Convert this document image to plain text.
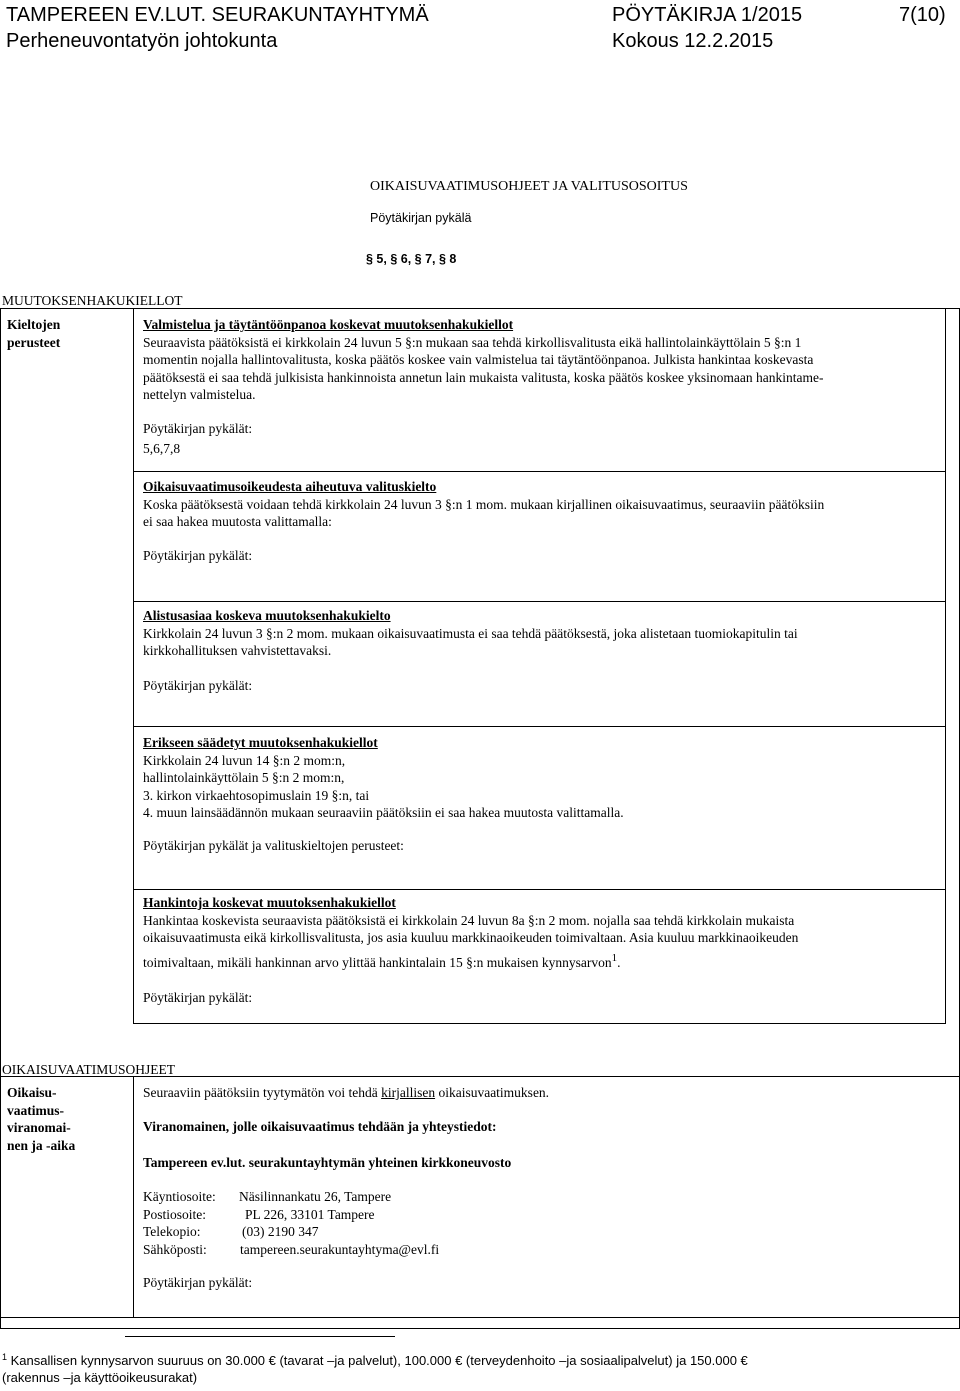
TAMPEREEN EV.LUT. SEURAKUNTAYHTYMÄ	PÖYTÄKIRJA 1/2015	7(10)
Perheneuvontatyön johtokunta	Kokous 12.2.2015
OIKAISUVAATIMUSOHJEET JA VALITUSOSOITUS
Pöytäkirjan pykälä
§ 5, § 6, § 7, § 8
MUUTOKSENHAKUKIELLOT
Kieltojen
perusteet

Valmistelua ja täytäntöönpanoa koskevat muutoksenhakukiellot

Seuraavista päätöksistä ei kirkkolain 24 luvun 5 §:n mukaan saa tehdä kirkollisvalitusta eikä hallintolainkäyttölain 5 §:n 1

momentin nojalla hallintovalitusta, koska päätös koskee vain valmistelua tai täytäntöönpanoa. Julkista hankintaa koskevasta

päätöksestä ei saa tehdä julkisista hankinnoista annetun lain mukaista valitusta, koska päätös koskee yksinomaan hankintame-

nettelyn valmistelua.

Pöytäkirjan pykälät:
5,6,7,8

Oikaisuvaatimusoikeudesta aiheutuva valituskielto

Koska päätöksestä voidaan tehdä kirkkolain 24 luvun 3 §:n 1 mom. mukaan kirjallinen oikaisuvaatimus, seuraaviin päätöksiin

ei saa hakea muutosta valittamalla:

Pöytäkirjan pykälät:

Alistusasiaa koskeva muutoksenhakukielto

Kirkkolain 24 luvun 3 §:n 2 mom. mukaan oikaisuvaatimusta ei saa tehdä päätöksestä, joka alistetaan tuomiokapitulin tai

kirkkohallituksen vahvistettavaksi.

Pöytäkirjan pykälät:

Erikseen säädetyt muutoksenhakukiellot

Kirkkolain 24 luvun 14 §:n 2 mom:n,

hallintolainkäyttölain 5 §:n 2 mom:n,

3. kirkon virkaehtosopimuslain 19 §:n, tai

4. muun lainsäädännön mukaan seuraaviin päätöksiin ei saa hakea muutosta valittamalla.

Pöytäkirjan pykälät ja valituskieltojen perusteet:

Hankintoja koskevat muutoksenhakukiellot

Hankintaa koskevista seuraavista päätöksistä ei kirkkolain 24 luvun 8a §:n 2 mom. nojalla saa tehdä kirkkolain mukaista

oikaisuvaatimusta eikä kirkollisvalitusta, jos asia kuuluu markkinaoikeuden toimivaltaan. Asia kuuluu markkinaoikeuden

toimivaltaan, mikäli hankinnan arvo ylittää hankintalain 15 §:n mukaisen kynnysarvon$^1$.

Pöytäkirjan pykälät:
OIKAISUVAATIMUSOHJEET
Oikaisu-
vaatimus-
viranomai-
nen ja -aika
Seuraaviin päätöksiin tyytymätön voi tehdä kirjallisen oikaisuvaatimuksen.
Viranomainen, jolle oikaisuvaatimus tehdään ja yhteystiedot:
Tampereen ev.lut. seurakuntayhtymän yhteinen kirkkoneuvosto
Käyntiosoite: Näsilinnankatu 26, Tampere
Postiosoite:	PL 226, 33101 Tampere
Telekopio:	(03) 2190 347
Sähköposti: tampereen.seurakuntayhtyma@evl.fi
Pöytäkirjan pykälät:
$^1$ Kansallisen kynnysarvon suuruus on 30.000 € (tavarat –ja palvelut), 100.000 € (terveydenhoito –ja sosiaalipalvelut) ja 150.000 €
(rakennus –ja käyttöoikeusurakat)
